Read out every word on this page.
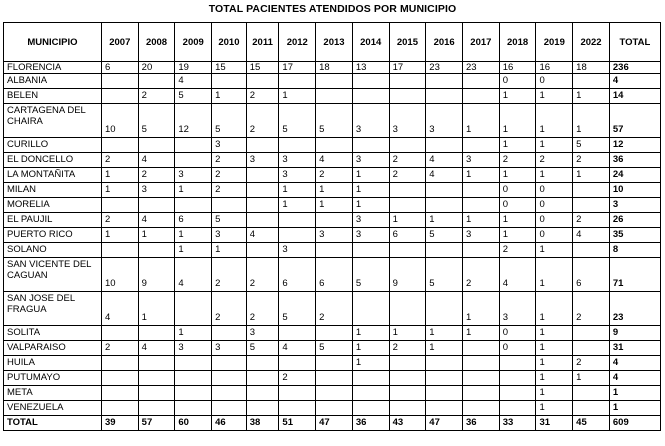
TOTAL PACIENTES ATENDIDOS POR MUNICIPIO
MUNICIPIO	2007	2008	2009	2010	2011	2012	2013	2014	2015	2016	2017	2018	2019	2022	TOTAL
FLORENCIA	6	20	19	15	15	17	18	13	17	23	23	16	16	18	236
ALBANIA			4									0	0		4
BELEN		2	5	1	2	1						1	1	1	14
CARTAGENA DEL CHAIRA	10	5	12	5	2	5	5	3	3	3	1	1	1	1	57
CURILLO				3								1	1	5	12
EL DONCELLO	2	4		2	3	3	4	3	2	4	3	2	2	2	36
LA MONTAÑITA	1	2	3	2		3	2	1	2	4	1	1	1	1	24
MILAN	1	3	1	2		1	1	1				0	0		10
MORELIA						1	1	1				0	0		3
EL PAUJIL	2	4	6	5				3	1	1	1	1	0	2	26
PUERTO RICO	1	1	1	3	4		3	3	6	5	3	1	0	4	35
SOLANO			1	1		3						2	1		8
SAN VICENTE DEL CAGUAN	10	9	4	2	2	6	6	5	9	5	2	4	1	6	71
SAN JOSE DEL FRAGUA	4	1		2	2	5	2				1	3	1	2	23
SOLITA			1		3			1	1	1	1	0	1		9
VALPARAISO	2	4	3	3	5	4	5	1	2	1		0	1		31
HUILA								1					1	2	4
PUTUMAYO						2							1	1	4
META													1		1
VENEZUELA													1		1
TOTAL	39	57	60	46	38	51	47	36	43	47	36	33	31	45	609
